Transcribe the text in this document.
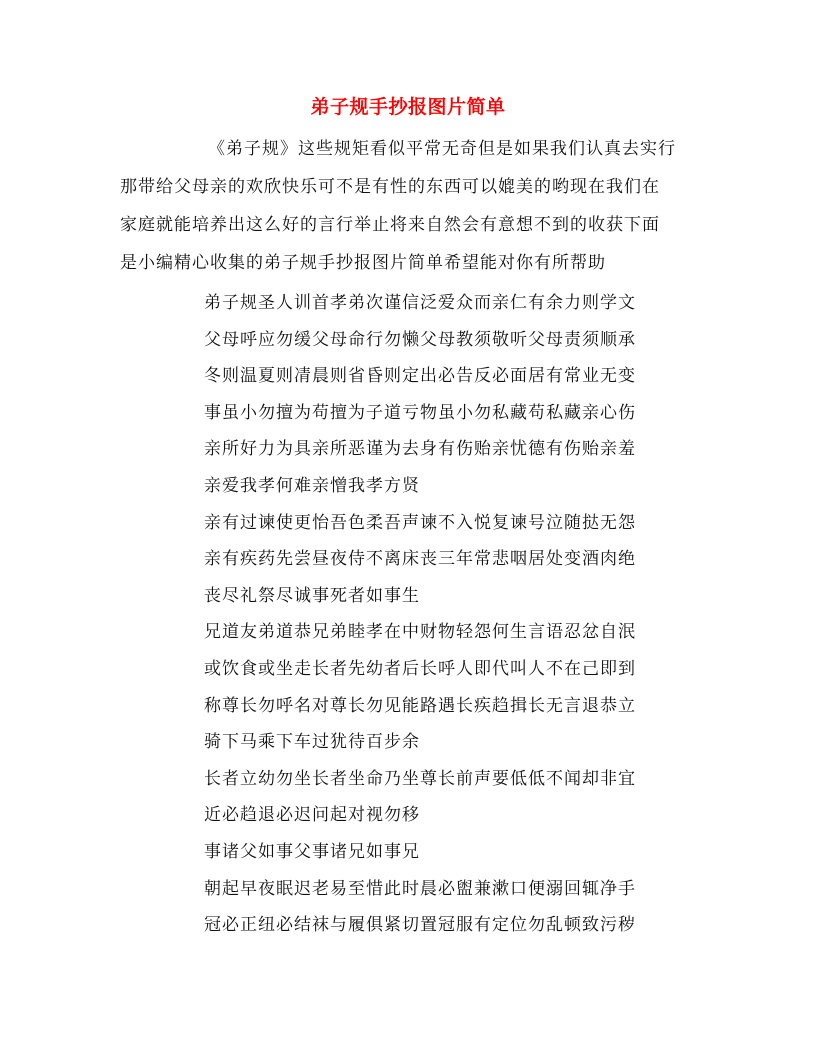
弟子规手抄报图片简单
《弟子规》这些规矩看似平常无奇但是如果我们认真去实行
那带给父母亲的欢欣快乐可不是有性的东西可以媲美的哟现在我们在
家庭就能培养出这么好的言行举止将来自然会有意想不到的收获下面
是小编精心收集的弟子规手抄报图片简单希望能对你有所帮助
弟子规圣人训首孝弟次谨信泛爱众而亲仁有余力则学文
父母呼应勿缓父母命行勿懒父母教须敬听父母责须顺承
冬则温夏则凊晨则省昏则定出必告反必面居有常业无变
事虽小勿擅为苟擅为子道亏物虽小勿私藏苟私藏亲心伤
亲所好力为具亲所恶谨为去身有伤贻亲忧德有伤贻亲羞
亲爱我孝何难亲憎我孝方贤
亲有过谏使更怡吾色柔吾声谏不入悦复谏号泣随挞无怨
亲有疾药先尝昼夜侍不离床丧三年常悲咽居处变酒肉绝
丧尽礼祭尽诚事死者如事生
兄道友弟道恭兄弟睦孝在中财物轻怨何生言语忍忿自泯
或饮食或坐走长者先幼者后长呼人即代叫人不在己即到
称尊长勿呼名对尊长勿见能路遇长疾趋揖长无言退恭立
骑下马乘下车过犹待百步余
长者立幼勿坐长者坐命乃坐尊长前声要低低不闻却非宜
近必趋退必迟问起对视勿移
事诸父如事父事诸兄如事兄
朝起早夜眠迟老易至惜此时晨必盥兼漱口便溺回辄净手
冠必正纽必结袜与履俱紧切置冠服有定位勿乱顿致污秽
